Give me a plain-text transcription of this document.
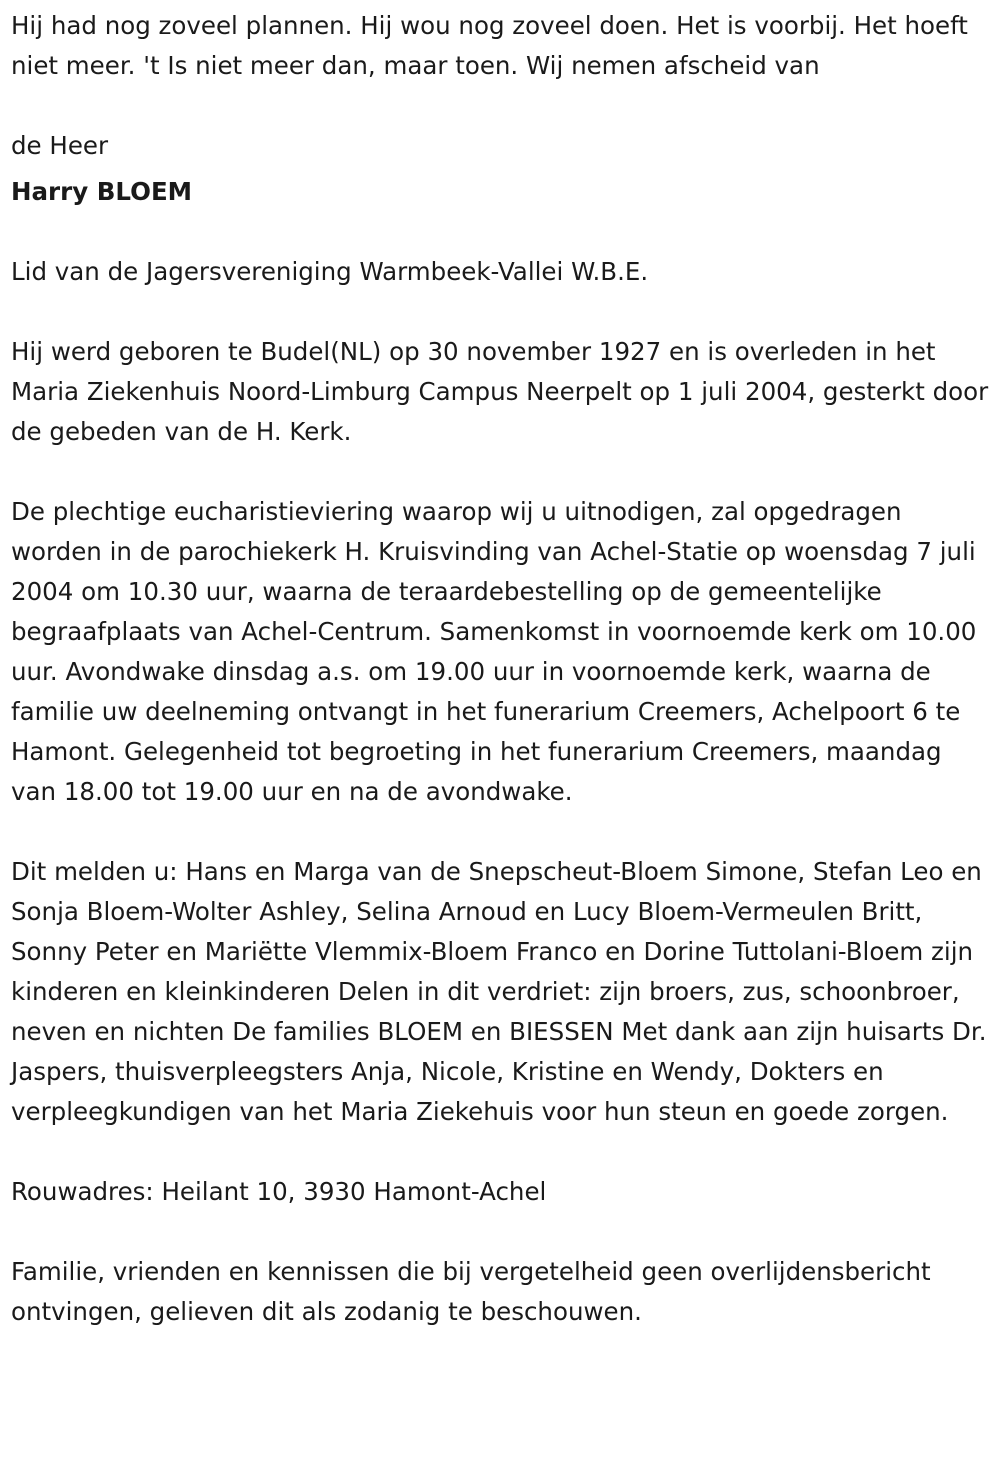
Hij had nog zoveel plannen. Hij wou nog zoveel doen. Het is voorbij. Het hoeft niet meer. 't Is niet meer dan, maar toen. Wij nemen afscheid van

de Heer

Harry BLOEM

Lid van de Jagersvereniging Warmbeek-Vallei W.B.E.

Hij werd geboren te Budel(NL) op 30 november 1927 en is overleden in het Maria Ziekenhuis Noord-Limburg Campus Neerpelt op 1 juli 2004, gesterkt door de gebeden van de H. Kerk.

De plechtige eucharistieviering waarop wij u uitnodigen, zal opgedragen worden in de parochiekerk H. Kruisvinding van Achel-Statie op woensdag 7 juli 2004 om 10.30 uur, waarna de teraardebestelling op de gemeentelijke begraafplaats van Achel-Centrum. Samenkomst in voornoemde kerk om 10.00 uur. Avondwake dinsdag a.s. om 19.00 uur in voornoemde kerk, waarna de familie uw deelneming ontvangt in het funerarium Creemers, Achelpoort 6 te Hamont. Gelegenheid tot begroeting in het funerarium Creemers, maandag van 18.00 tot 19.00 uur en na de avondwake.

Dit melden u: Hans en Marga van de Snepscheut-Bloem Simone, Stefan Leo en Sonja Bloem-Wolter Ashley, Selina Arnoud en Lucy Bloem-Vermeulen Britt, Sonny Peter en Mariëtte Vlemmix-Bloem Franco en Dorine Tuttolani-Bloem zijn kinderen en kleinkinderen Delen in dit verdriet: zijn broers, zus, schoonbroer, neven en nichten De families BLOEM en BIESSEN Met dank aan zijn huisarts Dr. Jaspers, thuisverpleegsters Anja, Nicole, Kristine en Wendy, Dokters en verpleegkundigen van het Maria Ziekehuis voor hun steun en goede zorgen.

Rouwadres: Heilant 10, 3930 Hamont-Achel

Familie, vrienden en kennissen die bij vergetelheid geen overlijdensbericht ontvingen, gelieven dit als zodanig te beschouwen.
